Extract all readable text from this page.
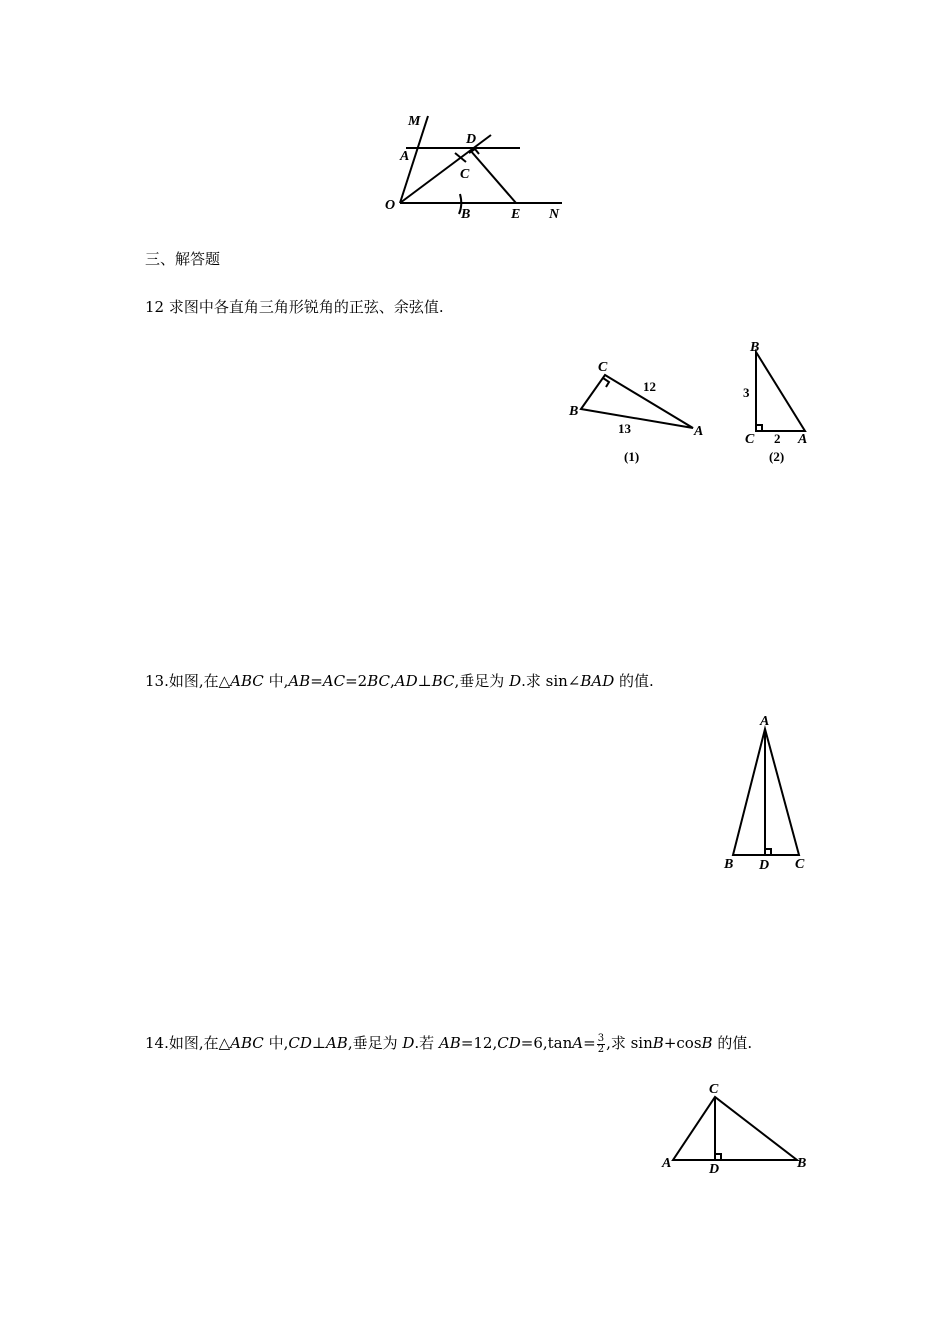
M
A
D
C
O
B	E N
三、解答题
12 求图中各直角三角形锐角的正弦、余弦值.
C
B
A
12
13
(1)
B
C	A
3
2
(2)
13.如图,在△ABC 中,AB=AC=2BC,AD⊥BC,垂足为 D.求 sin∠BAD 的值.
A
B D C
14.如图,在△ABC 中,CD⊥AB,垂足为 D.若 $AB=12,CD=6,\tan A= \frac{3}{2}$ ,求 sinB+cosB 的值.
C
A	D	B
